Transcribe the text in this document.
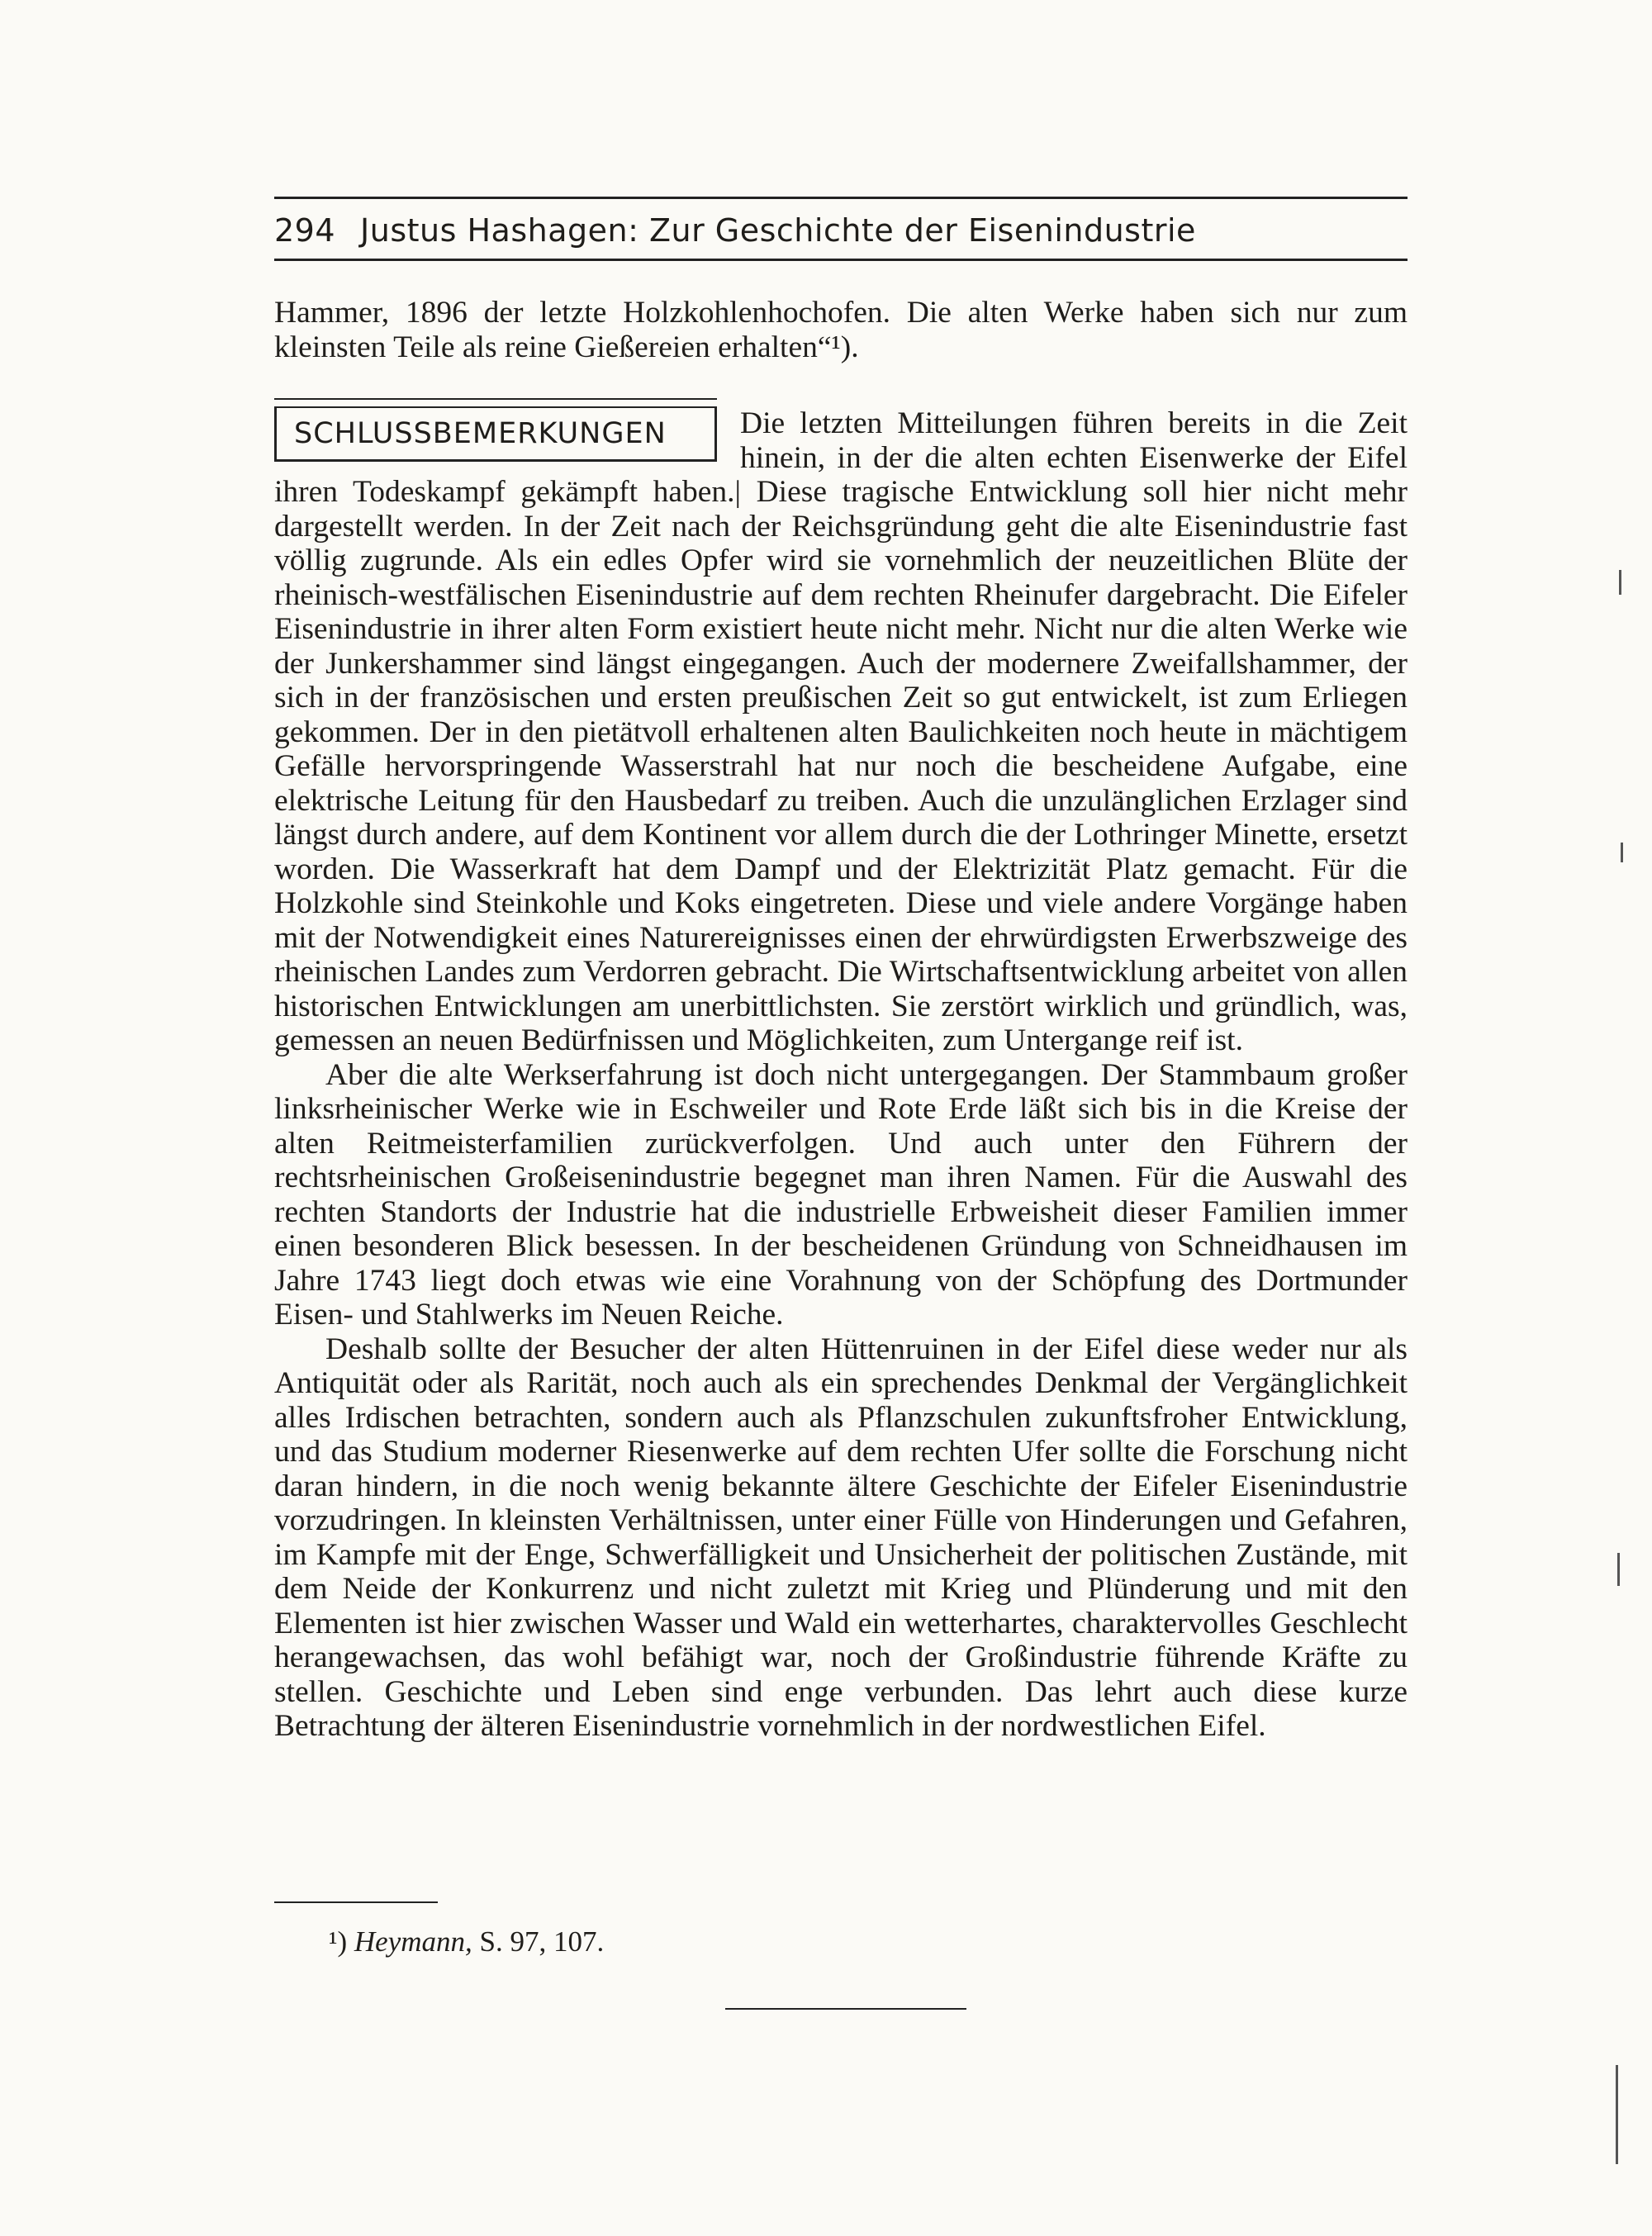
294 Justus Hashagen: Zur Geschichte der Eisenindustrie

Hammer, 1896 der letzte Holzkohlenhochofen. Die alten Werke haben sich nur zum kleinsten Teile als reine Gießereien erhalten“¹).

SCHLUSSBEMERKUNGEN	Die letzten Mitteilungen führen bereits in die Zeit hinein, in der die alten echten Eisenwerke der Eifel ihren Todeskampf gekämpft haben.| Diese tragische Entwicklung soll hier nicht mehr dargestellt werden. In der Zeit nach der Reichsgründung geht die alte Eisenindustrie fast völlig zugrunde. Als ein edles Opfer wird sie vornehmlich der neuzeitlichen Blüte der rheinisch-westfälischen Eisenindustrie auf dem rechten Rheinufer dargebracht. Die Eifeler Eisenindustrie in ihrer alten Form existiert heute nicht mehr. Nicht nur die alten Werke wie der Junkershammer sind längst eingegangen. Auch der modernere Zweifallshammer, der sich in der französischen und ersten preußischen Zeit so gut entwickelt, ist zum Erliegen gekommen. Der in den pietätvoll erhaltenen alten Baulichkeiten noch heute in mächtigem Gefälle hervorspringende Wasserstrahl hat nur noch die bescheidene Aufgabe, eine elektrische Leitung für den Hausbedarf zu treiben. Auch die unzulänglichen Erzlager sind längst durch andere, auf dem Kontinent vor allem durch die der Lothringer Minette, ersetzt worden. Die Wasserkraft hat dem Dampf und der Elektrizität Platz gemacht. Für die Holzkohle sind Steinkohle und Koks eingetreten. Diese und viele andere Vorgänge haben mit der Notwendigkeit eines Naturereignisses einen der ehrwürdigsten Erwerbszweige des rheinischen Landes zum Verdorren gebracht. Die Wirtschaftsentwicklung arbeitet von allen historischen Entwicklungen am unerbittlichsten. Sie zerstört wirklich und gründlich, was, gemessen an neuen Bedürfnissen und Möglichkeiten, zum Untergange reif ist.

Aber die alte Werkserfahrung ist doch nicht untergegangen. Der Stammbaum großer linksrheinischer Werke wie in Eschweiler und Rote Erde läßt sich bis in die Kreise der alten Reitmeisterfamilien zurückverfolgen. Und auch unter den Führern der rechtsrheinischen Großeisenindustrie begegnet man ihren Namen. Für die Auswahl des rechten Standorts der Industrie hat die industrielle Erbweisheit dieser Familien immer einen besonderen Blick besessen. In der bescheidenen Gründung von Schneidhausen im Jahre 1743 liegt doch etwas wie eine Vorahnung von der Schöpfung des Dortmunder Eisen- und Stahlwerks im Neuen Reiche.

Deshalb sollte der Besucher der alten Hüttenruinen in der Eifel diese weder nur als Antiquität oder als Rarität, noch auch als ein sprechendes Denkmal der Vergänglichkeit alles Irdischen betrachten, sondern auch als Pflanzschulen zukunftsfroher Entwicklung, und das Studium moderner Riesenwerke auf dem rechten Ufer sollte die Forschung nicht daran hindern, in die noch wenig bekannte ältere Geschichte der Eifeler Eisenindustrie vorzudringen. In kleinsten Verhältnissen, unter einer Fülle von Hinderungen und Gefahren, im Kampfe mit der Enge, Schwerfälligkeit und Unsicherheit der politischen Zustände, mit dem Neide der Konkurrenz und nicht zuletzt mit Krieg und Plünderung und mit den Elementen ist hier zwischen Wasser und Wald ein wetterhartes, charaktervolles Geschlecht herangewachsen, das wohl befähigt war, noch der Großindustrie führende Kräfte zu stellen. Geschichte und Leben sind enge verbunden. Das lehrt auch diese kurze Betrachtung der älteren Eisenindustrie vornehmlich in der nordwestlichen Eifel.

¹) Heymann, S. 97, 107.
